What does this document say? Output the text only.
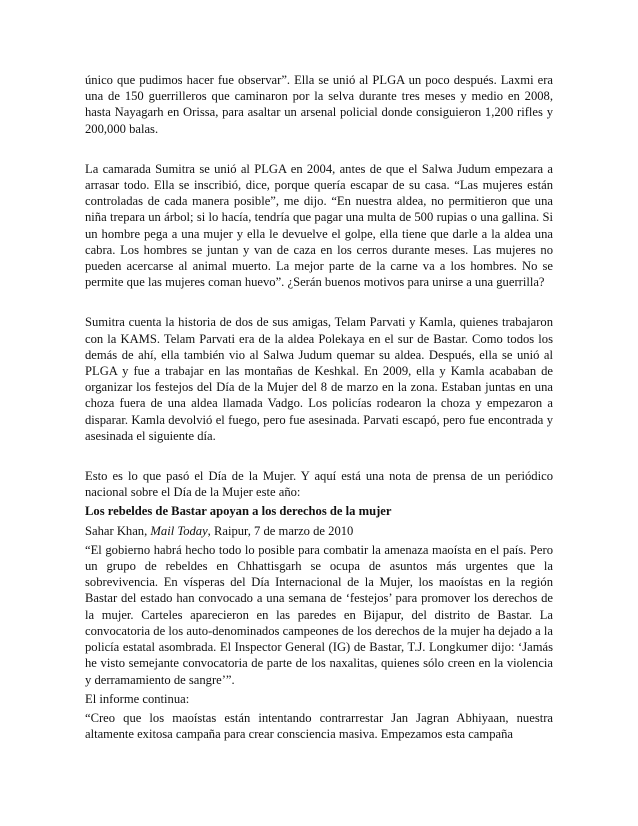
único que pudimos hacer fue observar”. Ella se unió al PLGA un poco después. Laxmi era una de 150 guerrilleros que caminaron por la selva durante tres meses y medio en 2008, hasta Nayagarh en Orissa, para asaltar un arsenal policial donde consiguieron 1,200 rifles y 200,000 balas.

La camarada Sumitra se unió al PLGA en 2004, antes de que el Salwa Judum empezara a arrasar todo. Ella se inscribió, dice, porque quería escapar de su casa. “Las mujeres están controladas de cada manera posible”, me dijo. “En nuestra aldea, no permitieron que una niña trepara un árbol; si lo hacía, tendría que pagar una multa de 500 rupias o una gallina. Si un hombre pega a una mujer y ella le devuelve el golpe, ella tiene que darle a la aldea una cabra. Los hombres se juntan y van de caza en los cerros durante meses. Las mujeres no pueden acercarse al animal muerto. La mejor parte de la carne va a los hombres. No se permite que las mujeres coman huevo”. ¿Serán buenos motivos para unirse a una guerrilla?

Sumitra cuenta la historia de dos de sus amigas, Telam Parvati y Kamla, quienes trabajaron con la KAMS. Telam Parvati era de la aldea Polekaya en el sur de Bastar. Como todos los demás de ahí, ella también vio al Salwa Judum quemar su aldea. Después, ella se unió al PLGA y fue a trabajar en las montañas de Keshkal. En 2009, ella y Kamla acababan de organizar los festejos del Día de la Mujer del 8 de marzo en la zona. Estaban juntas en una choza fuera de una aldea llamada Vadgo. Los policías rodearon la choza y empezaron a disparar. Kamla devolvió el fuego, pero fue asesinada. Parvati escapó, pero fue encontrada y asesinada el siguiente día.

Esto es lo que pasó el Día de la Mujer. Y aquí está una nota de prensa de un periódico nacional sobre el Día de la Mujer este año:

Los rebeldes de Bastar apoyan a los derechos de la mujer

Sahar Khan, Mail Today, Raipur, 7 de marzo de 2010

“El gobierno habrá hecho todo lo posible para combatir la amenaza maoísta en el país. Pero un grupo de rebeldes en Chhattisgarh se ocupa de asuntos más urgentes que la sobrevivencia. En vísperas del Día Internacional de la Mujer, los maoístas en la región Bastar del estado han convocado a una semana de ‘festejos’ para promover los derechos de la mujer. Carteles aparecieron en las paredes en Bijapur, del distrito de Bastar. La convocatoria de los auto-denominados campeones de los derechos de la mujer ha dejado a la policía estatal asombrada. El Inspector General (IG) de Bastar, T.J. Longkumer dijo: ‘Jamás he visto semejante convocatoria de parte de los naxalitas, quienes sólo creen en la violencia y derramamiento de sangre’”.

El informe continua:

“Creo que los maoístas están intentando contrarrestar Jan Jagran Abhiyaan, nuestra altamente exitosa campaña para crear consciencia masiva. Empezamos esta campaña
